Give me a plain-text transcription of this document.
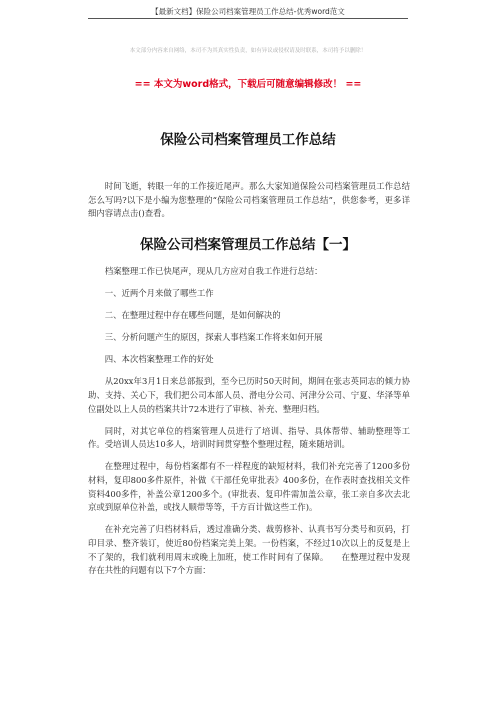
【最新文档】保险公司档案管理员工作总结-优秀word范文
本文部分内容来自网络，本司不为其真实性负责，如有异议或侵权请及时联系，本司将予以删除！
== 本文为word格式，下载后可随意编辑修改！ ==
保险公司档案管理员工作总结

时间飞逝，转眼一年的工作接近尾声。那么大家知道保险公司档案管理员工作总结怎么写吗?以下是小编为您整理的“保险公司档案管理员工作总结”，供您参考，更多详细内容请点击()查看。

保险公司档案管理员工作总结【一】

档案整理工作已快尾声，现从几方应对自我工作进行总结：

一、近两个月来做了哪些工作

二、在整理过程中存在哪些问题，是如何解决的

三、分析问题产生的原因，探索人事档案工作将来如何开展

四、本次档案整理工作的好处

从20xx年3月1日来总部报到，至今已历时50天时间，期间在张志英同志的倾力协助、支持、关心下，我们把公司本部人员、滑电分公司、河津分公司、宁夏、华泽等单位副处以上人员的档案共计72本进行了审核、补充、整理归档。

同时，对其它单位的档案管理人员进行了培训、指导、具体帮带、辅助整理等工作。受培训人员达10多人，培训时间贯穿整个整理过程，随来随培训。

在整理过程中，每份档案都有不一样程度的缺短材料，我们补充完善了1200多份材料，复印800多件原件，补做《干部任免审批表》400多份，在作表时查找相关文件资料400多件，补盖公章1200多个。(审批表、复印件需加盖公章，张工亲自多次去北京或到原单位补盖，或找人顺带等等，千方百计做这些工作)。

在补充完善了归档材料后，透过准确分类、裁剪修补、认真书写分类号和页码，打印目录、整齐装订，使近80份档案完美上架。一份档案，不经过10次以上的反复是上不了架的，我们就利用周末或晚上加班，使工作时间有了保障。　　在整理过程中发现存在共性的问题有以下7个方面：
